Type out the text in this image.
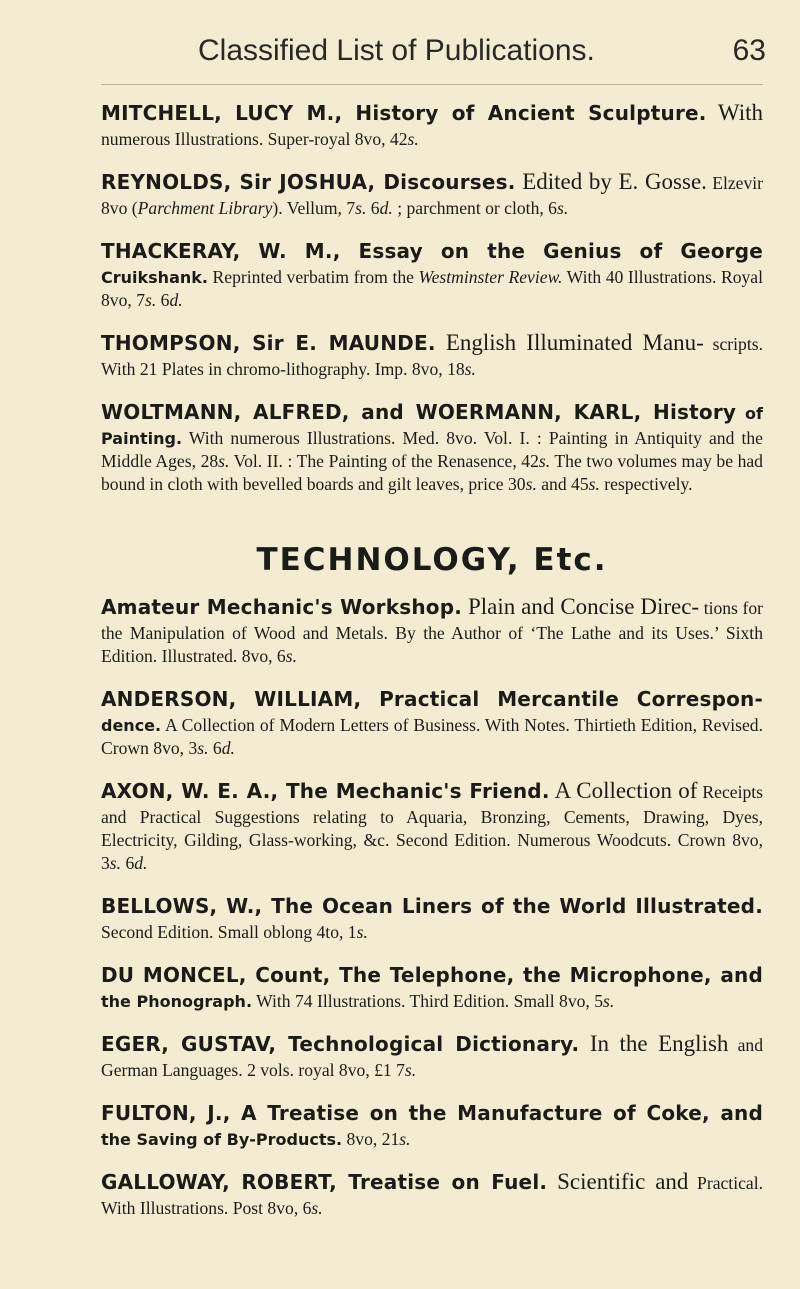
Classified List of Publications.	63

MITCHELL, LUCY M., History of Ancient Sculpture. With numerous Illustrations. Super-royal 8vo, 42s.

REYNOLDS, Sir JOSHUA, Discourses. Edited by E. Gosse. Elzevir 8vo (Parchment Library). Vellum, 7s. 6d. ; parchment or cloth, 6s.

THACKERAY, W. M., Essay on the Genius of George Cruikshank. Reprinted verbatim from the Westminster Review. With 40 Illustrations. Royal 8vo, 7s. 6d.

THOMPSON, Sir E. MAUNDE. English Illuminated Manu- scripts. With 21 Plates in chromo-lithography. Imp. 8vo, 18s.

WOLTMANN, ALFRED, and WOERMANN, KARL, History of Painting. With numerous Illustrations. Med. 8vo. Vol. I. : Painting in Antiquity and the Middle Ages, 28s. Vol. II. : The Painting of the Renasence, 42s. The two volumes may be had bound in cloth with bevelled boards and gilt leaves, price 30s. and 45s. respectively.

TECHNOLOGY, Etc.

Amateur Mechanic's Workshop. Plain and Concise Direc- tions for the Manipulation of Wood and Metals. By the Author of ‘The Lathe and its Uses.’ Sixth Edition. Illustrated. 8vo, 6s.

ANDERSON, WILLIAM, Practical Mercantile Correspon- dence. A Collection of Modern Letters of Business. With Notes. Thirtieth Edition, Revised. Crown 8vo, 3s. 6d.

AXON, W. E. A., The Mechanic's Friend. A Collection of Receipts and Practical Suggestions relating to Aquaria, Bronzing, Cements, Drawing, Dyes, Electricity, Gilding, Glass-working, &c. Second Edition. Numerous Woodcuts. Crown 8vo, 3s. 6d.

BELLOWS, W., The Ocean Liners of the World Illustrated. Second Edition. Small oblong 4to, 1s.

DU MONCEL, Count, The Telephone, the Microphone, and the Phonograph. With 74 Illustrations. Third Edition. Small 8vo, 5s.

EGER, GUSTAV, Technological Dictionary. In the English and German Languages. 2 vols. royal 8vo, £1 7s.

FULTON, J., A Treatise on the Manufacture of Coke, and the Saving of By-Products. 8vo, 21s.

GALLOWAY, ROBERT, Treatise on Fuel. Scientific and Practical. With Illustrations. Post 8vo, 6s.
